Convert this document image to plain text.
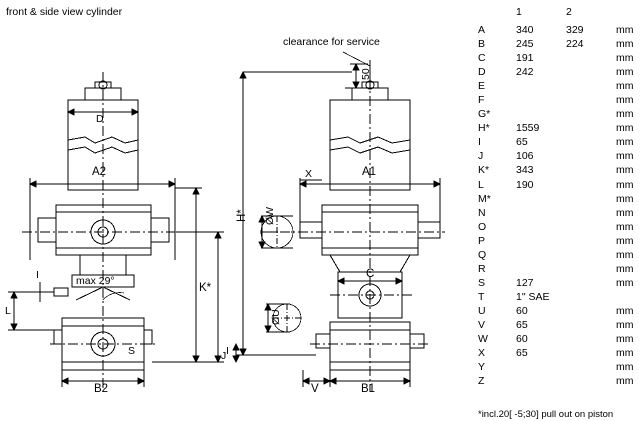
front & side view cylinder
D
A2
B2
max 29°
I
L
S
K*
J
clearance for service
50
H* ØW
ØU
X	A1
C
B1
V
I
1	2
A	340	329	mm
B	245	224	mm
C	191	mm
D	242	mm
E	mm
F	mm
G*	mm
H*	1559	mm
I	65	mm
J	106	mm
K*	343	mm
L	190	mm
M*	mm
N	mm
O	mm
P	mm
Q	mm
R	mm
S	127	mm
T	1" SAE
U	60	mm
V	65	mm
W	60	mm
X	65	mm
Y	mm
Z	mm
*incl.20[ -5;30] pull out on piston
